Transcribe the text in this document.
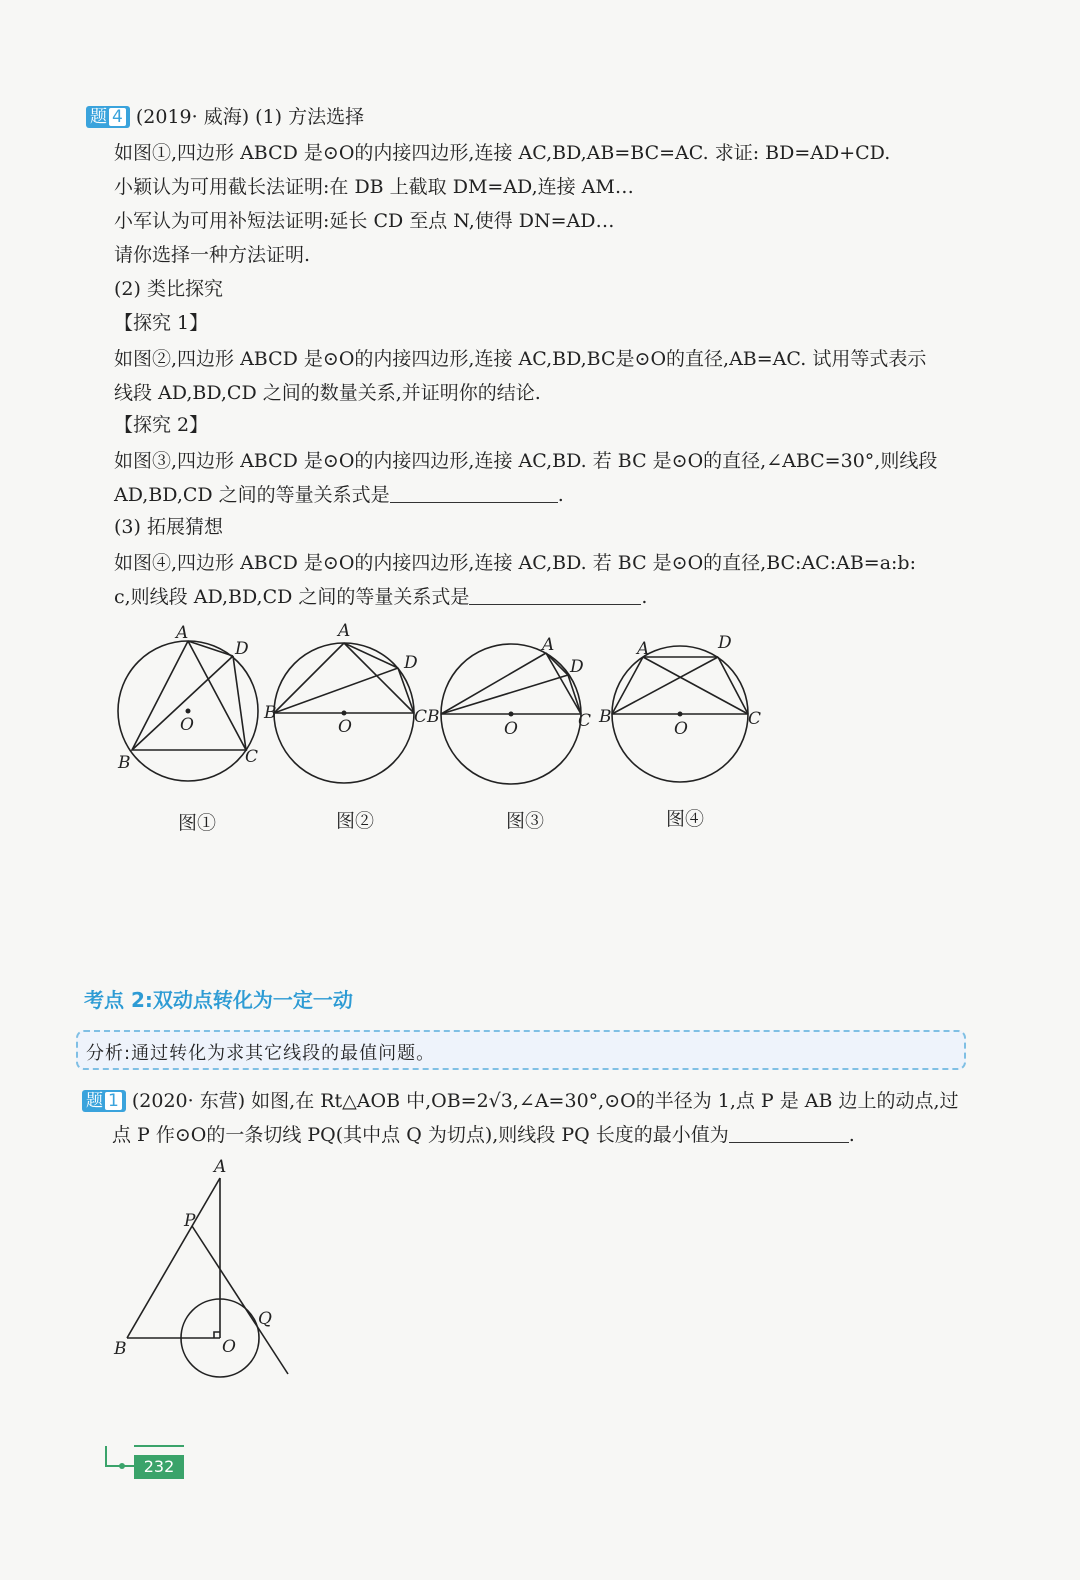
题 4 (2019· 威海) (1) 方法选择
如图①,四边形 ABCD 是⊙O的内接四边形,连接 AC,BD,AB=BC=AC. 求证: BD=AD+CD.
小颖认为可用截长法证明:在 DB 上截取 DM=AD,连接 AM…
小军认为可用补短法证明:延长 CD 至点 N,使得 DN=AD…
请你选择一种方法证明.
(2) 类比探究
【探究 1】
如图②,四边形 ABCD 是⊙O的内接四边形,连接 AC,BD,BC是⊙O的直径,AB=AC. 试用等式表示
线段 AD,BD,CD 之间的数量关系,并证明你的结论.
【探究 2】
如图③,四边形 ABCD 是⊙O的内接四边形,连接 AC,BD. 若 BC 是⊙O的直径,∠ABC=30°,则线段
AD,BD,CD 之间的等量关系式是	.
(3) 拓展猜想
如图④,四边形 ABCD 是⊙O的内接四边形,连接 AC,BD. 若 BC 是⊙O的直径,BC:AC:AB=a:b:
c,则线段 AD,BD,CD 之间的等量关系式是	.
A
D
O
B	C
A
D
B
O	C B
A
D
O	C
A	D
B
O	C
图①	图②	图③	图④
考点 2:双动点转化为一定一动
分析:通过转化为求其它线段的最值问题。
题 1 (2020· 东营) 如图,在 Rt△AOB 中,OB=2√3,∠A=30°,⊙O的半径为 1,点 P 是 AB 边上的动点,过
点 P 作⊙O的一条切线 PQ(其中点 Q 为切点),则线段 PQ 长度的最小值为	.
A
P
Q
B	O
232
